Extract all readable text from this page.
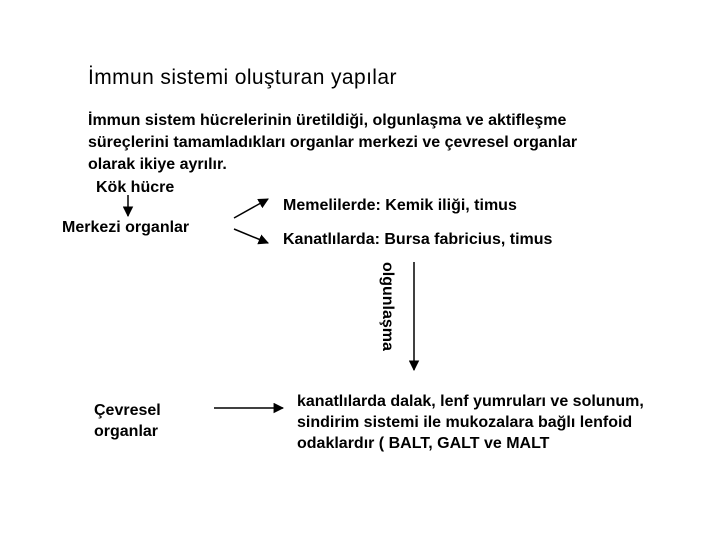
İmmun sistemi oluşturan yapılar
İmmun sistem hücrelerinin üretildiği, olgunlaşma ve aktifleşme
süreçlerini tamamladıkları organlar merkezi ve çevresel organlar
olarak ikiye ayrılır.
Kök hücre
Merkezi organlar
Memelilerde: Kemik iliği, timus
Kanatlılarda: Bursa fabricius, timus
olgunlaşma
Çevresel
organlar
kanatlılarda dalak, lenf yumruları ve solunum,
sindirim sistemi ile mukozalara bağlı lenfoid
odaklardır ( BALT, GALT ve MALT
